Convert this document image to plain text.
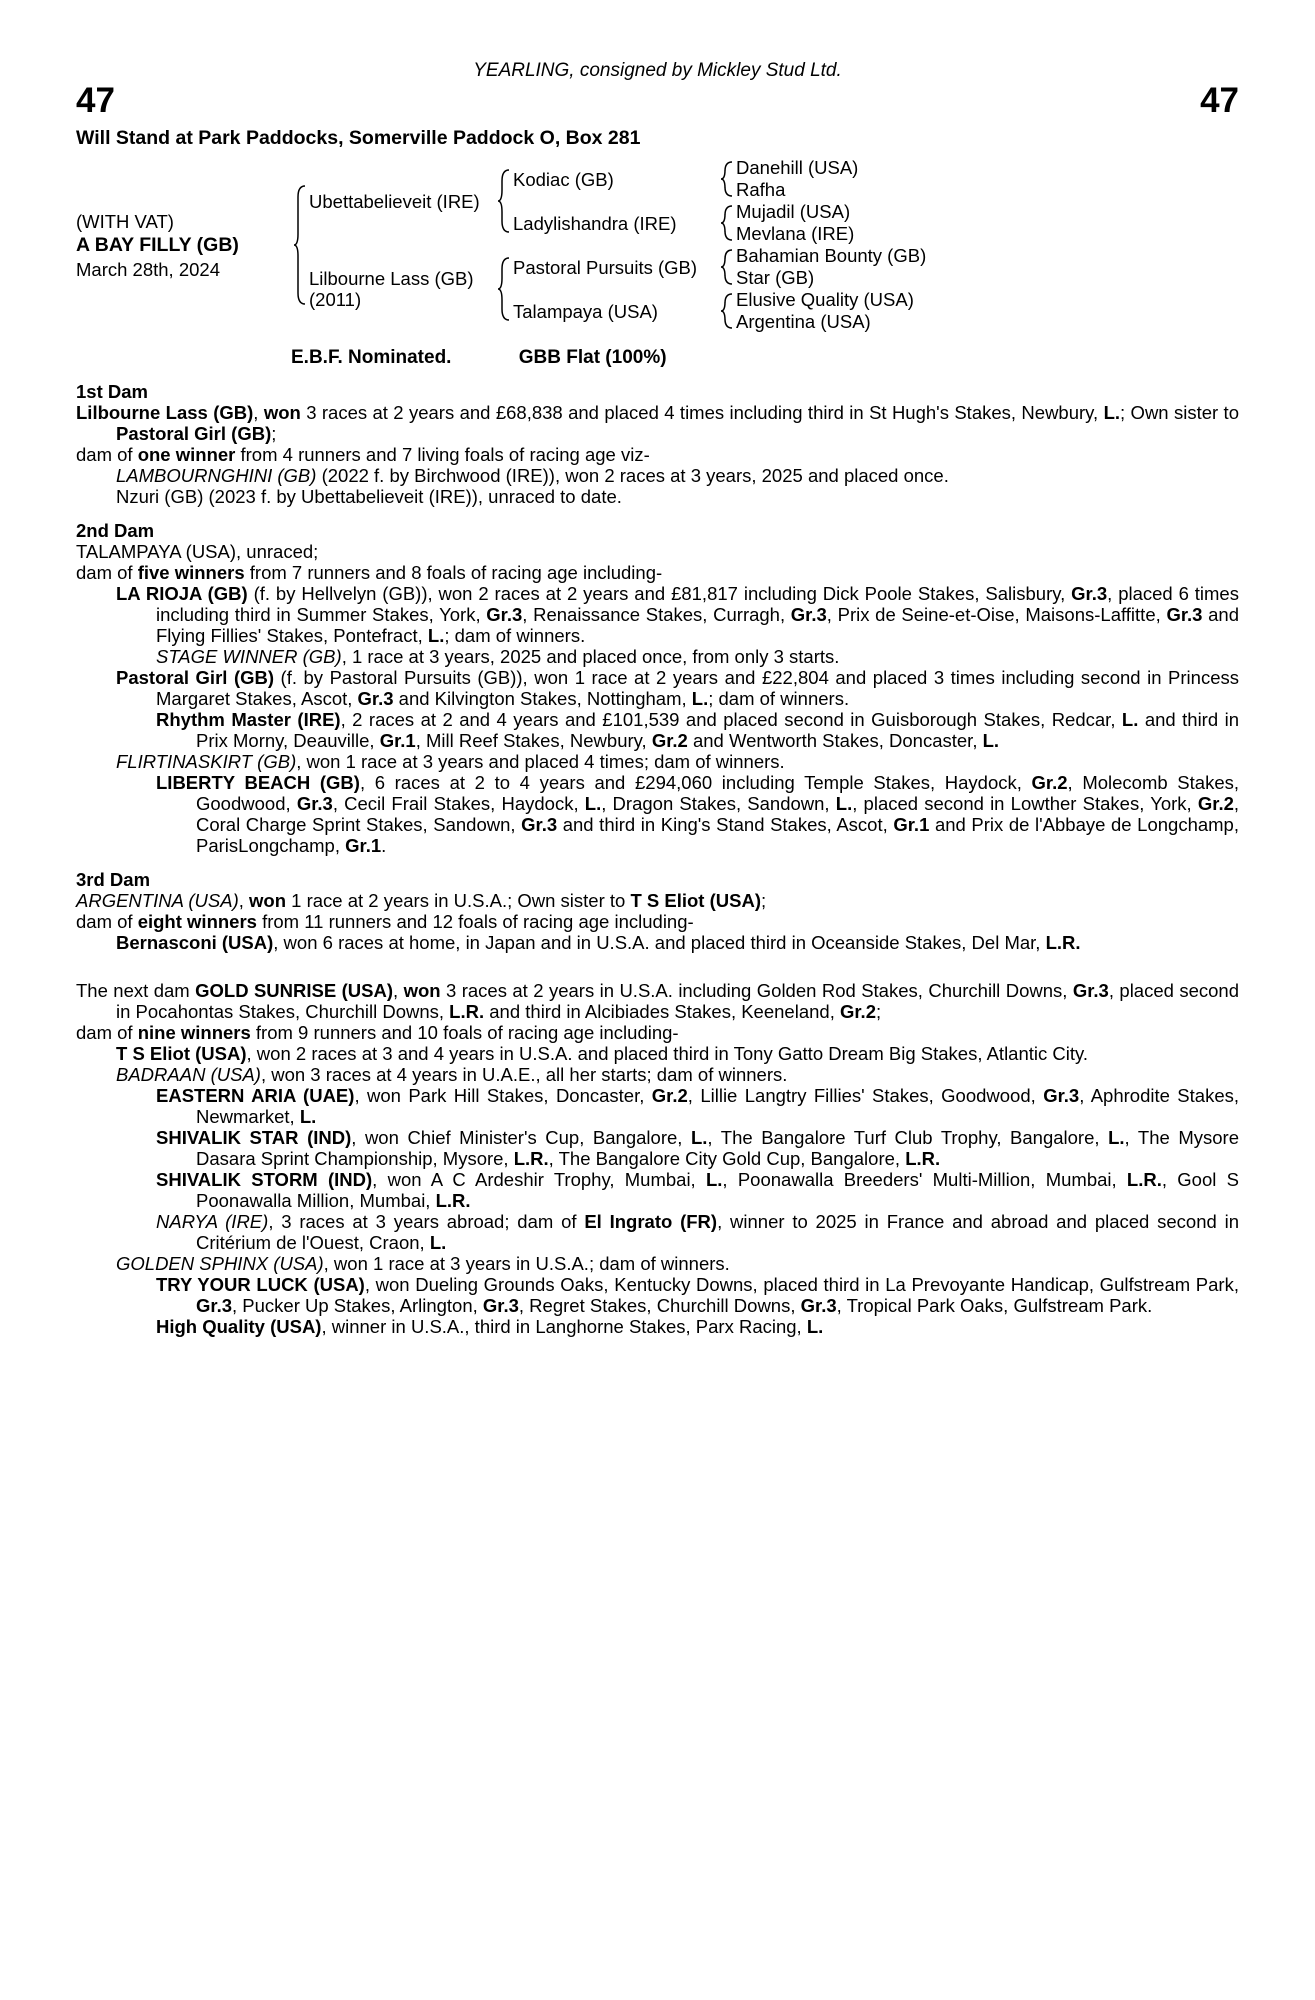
YEARLING, consigned by Mickley Stud Ltd.
47	47
Will Stand at Park Paddocks, Somerville Paddock O, Box 281
(WITH VAT)
A BAY FILLY (GB)
March 28th, 2024
Ubettabelieveit (IRE)
Kodiac (GB)
Danehill (USA)
Rafha
Ladylishandra (IRE)
Mujadil (USA)
Mevlana (IRE)
Lilbourne Lass (GB)
(2011)
Pastoral Pursuits (GB)
Bahamian Bounty (GB)
Star (GB)
Talampaya (USA)
Elusive Quality (USA)
Argentina (USA)
E.B.F. Nominated.	GBB Flat (100%)
1st Dam

Lilbourne Lass (GB), won 3 races at 2 years and £68,838 and placed 4 times including third in St Hugh's Stakes, Newbury, L.; Own sister to Pastoral Girl (GB);

dam of one winner from 4 runners and 7 living foals of racing age viz-

LAMBOURNGHINI (GB) (2022 f. by Birchwood (IRE)), won 2 races at 3 years, 2025 and placed once.

Nzuri (GB) (2023 f. by Ubettabelieveit (IRE)), unraced to date.

2nd Dam

TALAMPAYA (USA), unraced;

dam of five winners from 7 runners and 8 foals of racing age including-

LA RIOJA (GB) (f. by Hellvelyn (GB)), won 2 races at 2 years and £81,817 including Dick Poole Stakes, Salisbury, Gr.3, placed 6 times including third in Summer Stakes, York, Gr.3, Renaissance Stakes, Curragh, Gr.3, Prix de Seine-et-Oise, Maisons-Laffitte, Gr.3 and Flying Fillies' Stakes, Pontefract, L.; dam of winners.

STAGE WINNER (GB), 1 race at 3 years, 2025 and placed once, from only 3 starts.

Pastoral Girl (GB) (f. by Pastoral Pursuits (GB)), won 1 race at 2 years and £22,804 and placed 3 times including second in Princess Margaret Stakes, Ascot, Gr.3 and Kilvington Stakes, Nottingham, L.; dam of winners.

Rhythm Master (IRE), 2 races at 2 and 4 years and £101,539 and placed second in Guisborough Stakes, Redcar, L. and third in Prix Morny, Deauville, Gr.1, Mill Reef Stakes, Newbury, Gr.2 and Wentworth Stakes, Doncaster, L.

FLIRTINASKIRT (GB), won 1 race at 3 years and placed 4 times; dam of winners.

LIBERTY BEACH (GB), 6 races at 2 to 4 years and £294,060 including Temple Stakes, Haydock, Gr.2, Molecomb Stakes, Goodwood, Gr.3, Cecil Frail Stakes, Haydock, L., Dragon Stakes, Sandown, L., placed second in Lowther Stakes, York, Gr.2, Coral Charge Sprint Stakes, Sandown, Gr.3 and third in King's Stand Stakes, Ascot, Gr.1 and Prix de l'Abbaye de Longchamp, ParisLongchamp, Gr.1.

3rd Dam

ARGENTINA (USA), won 1 race at 2 years in U.S.A.; Own sister to T S Eliot (USA);

dam of eight winners from 11 runners and 12 foals of racing age including-

Bernasconi (USA), won 6 races at home, in Japan and in U.S.A. and placed third in Oceanside Stakes, Del Mar, L.R.

The next dam GOLD SUNRISE (USA), won 3 races at 2 years in U.S.A. including Golden Rod Stakes, Churchill Downs, Gr.3, placed second in Pocahontas Stakes, Churchill Downs, L.R. and third in Alcibiades Stakes, Keeneland, Gr.2;

dam of nine winners from 9 runners and 10 foals of racing age including-

T S Eliot (USA), won 2 races at 3 and 4 years in U.S.A. and placed third in Tony Gatto Dream Big Stakes, Atlantic City.

BADRAAN (USA), won 3 races at 4 years in U.A.E., all her starts; dam of winners.

EASTERN ARIA (UAE), won Park Hill Stakes, Doncaster, Gr.2, Lillie Langtry Fillies' Stakes, Goodwood, Gr.3, Aphrodite Stakes, Newmarket, L.

SHIVALIK STAR (IND), won Chief Minister's Cup, Bangalore, L., The Bangalore Turf Club Trophy, Bangalore, L., The Mysore Dasara Sprint Championship, Mysore, L.R., The Bangalore City Gold Cup, Bangalore, L.R.

SHIVALIK STORM (IND), won A C Ardeshir Trophy, Mumbai, L., Poonawalla Breeders' Multi-Million, Mumbai, L.R., Gool S Poonawalla Million, Mumbai, L.R.

NARYA (IRE), 3 races at 3 years abroad; dam of El Ingrato (FR), winner to 2025 in France and abroad and placed second in Critérium de l'Ouest, Craon, L.

GOLDEN SPHINX (USA), won 1 race at 3 years in U.S.A.; dam of winners.

TRY YOUR LUCK (USA), won Dueling Grounds Oaks, Kentucky Downs, placed third in La Prevoyante Handicap, Gulfstream Park, Gr.3, Pucker Up Stakes, Arlington, Gr.3, Regret Stakes, Churchill Downs, Gr.3, Tropical Park Oaks, Gulfstream Park.

High Quality (USA), winner in U.S.A., third in Langhorne Stakes, Parx Racing, L.
